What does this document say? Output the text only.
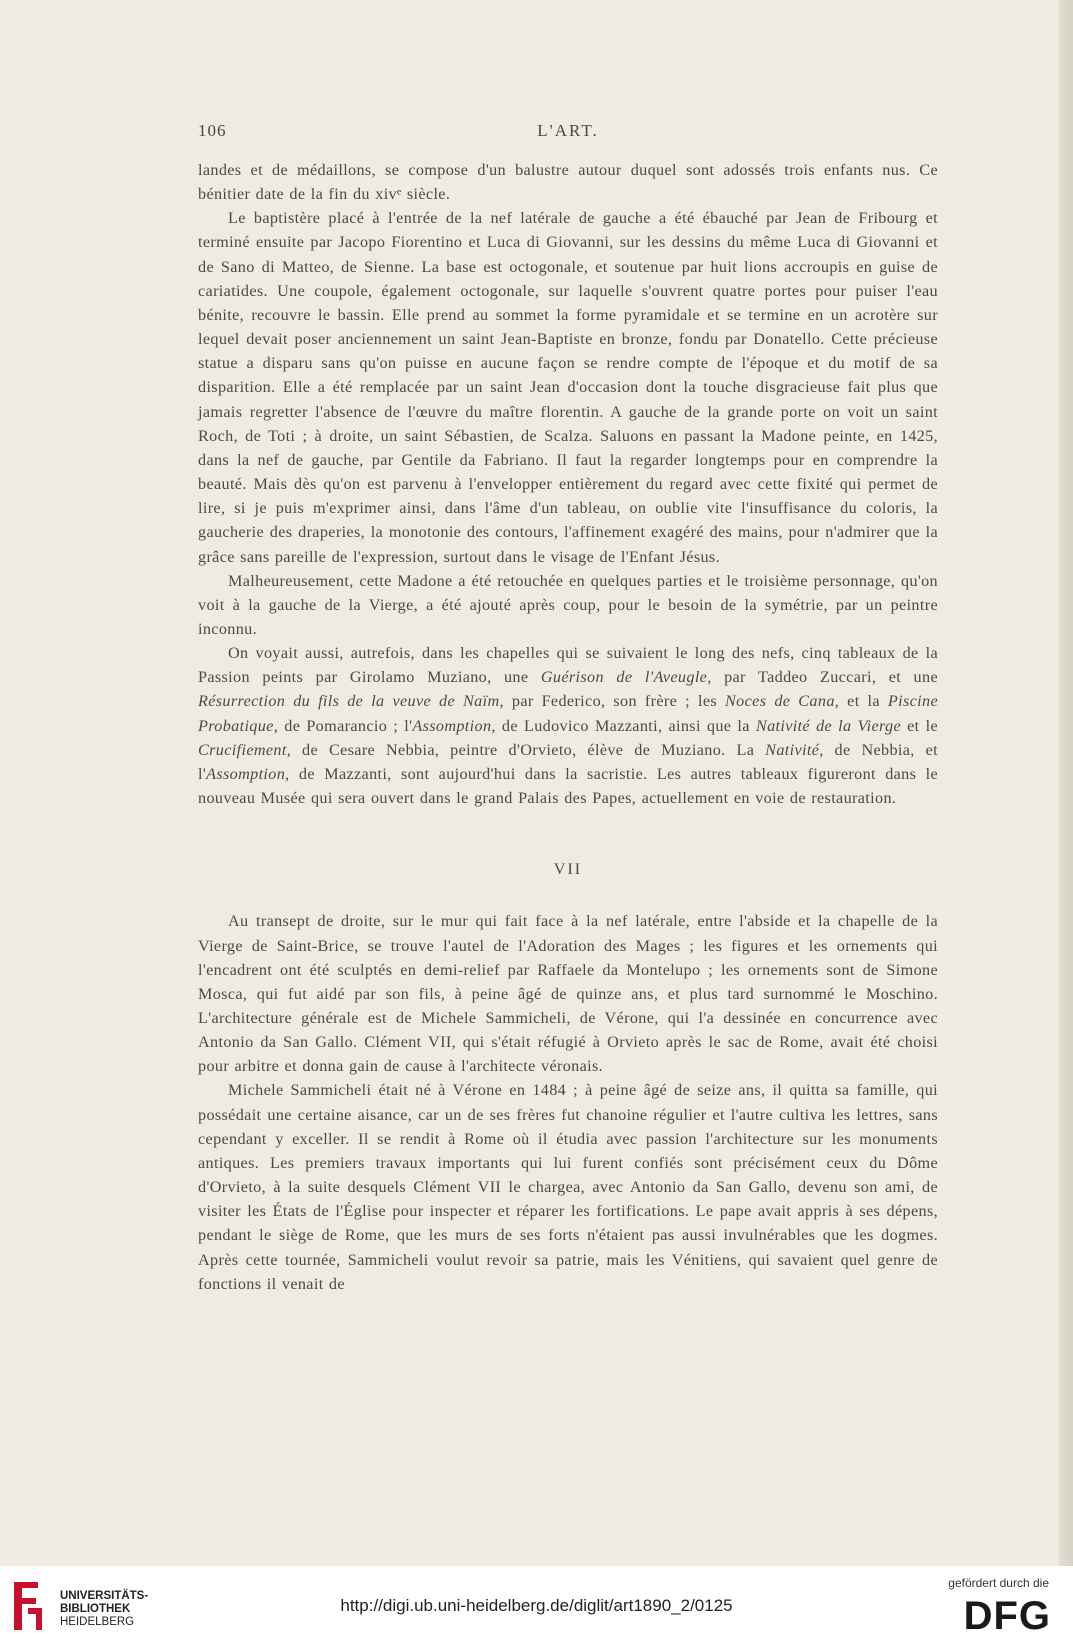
106	L'ART.

landes et de médaillons, se compose d'un balustre autour duquel sont adossés trois enfants nus. Ce bénitier date de la fin du xivᵉ siècle.

Le baptistère placé à l'entrée de la nef latérale de gauche a été ébauché par Jean de Fribourg et terminé ensuite par Jacopo Fiorentino et Luca di Giovanni, sur les dessins du même Luca di Giovanni et de Sano di Matteo, de Sienne. La base est octogonale, et soutenue par huit lions accroupis en guise de cariatides. Une coupole, également octogonale, sur laquelle s'ouvrent quatre portes pour puiser l'eau bénite, recouvre le bassin. Elle prend au sommet la forme pyramidale et se termine en un acrotère sur lequel devait poser anciennement un saint Jean-Baptiste en bronze, fondu par Donatello. Cette précieuse statue a disparu sans qu'on puisse en aucune façon se rendre compte de l'époque et du motif de sa disparition. Elle a été remplacée par un saint Jean d'occasion dont la touche disgracieuse fait plus que jamais regretter l'absence de l'œuvre du maître florentin. A gauche de la grande porte on voit un saint Roch, de Toti ; à droite, un saint Sébastien, de Scalza. Saluons en passant la Madone peinte, en 1425, dans la nef de gauche, par Gentile da Fabriano. Il faut la regarder longtemps pour en comprendre la beauté. Mais dès qu'on est parvenu à l'envelopper entièrement du regard avec cette fixité qui permet de lire, si je puis m'exprimer ainsi, dans l'âme d'un tableau, on oublie vite l'insuffisance du coloris, la gaucherie des draperies, la monotonie des contours, l'affinement exagéré des mains, pour n'admirer que la grâce sans pareille de l'expression, surtout dans le visage de l'Enfant Jésus.

Malheureusement, cette Madone a été retouchée en quelques parties et le troisième personnage, qu'on voit à la gauche de la Vierge, a été ajouté après coup, pour le besoin de la symétrie, par un peintre inconnu.

On voyait aussi, autrefois, dans les chapelles qui se suivaient le long des nefs, cinq tableaux de la Passion peints par Girolamo Muziano, une Guérison de l'Aveugle, par Taddeo Zuccari, et une Résurrection du fils de la veuve de Naïm, par Federico, son frère ; les Noces de Cana, et la Piscine Probatique, de Pomarancio ; l'Assomption, de Ludovico Mazzanti, ainsi que la Nativité de la Vierge et le Crucifiement, de Cesare Nebbia, peintre d'Orvieto, élève de Muziano. La Nativité, de Nebbia, et l'Assomption, de Mazzanti, sont aujourd'hui dans la sacristie. Les autres tableaux figureront dans le nouveau Musée qui sera ouvert dans le grand Palais des Papes, actuellement en voie de restauration.

VII

Au transept de droite, sur le mur qui fait face à la nef latérale, entre l'abside et la chapelle de la Vierge de Saint-Brice, se trouve l'autel de l'Adoration des Mages ; les figures et les ornements qui l'encadrent ont été sculptés en demi-relief par Raffaele da Montelupo ; les ornements sont de Simone Mosca, qui fut aidé par son fils, à peine âgé de quinze ans, et plus tard surnommé le Moschino. L'architecture générale est de Michele Sammicheli, de Vérone, qui l'a dessinée en concurrence avec Antonio da San Gallo. Clément VII, qui s'était réfugié à Orvieto après le sac de Rome, avait été choisi pour arbitre et donna gain de cause à l'architecte véronais.

Michele Sammicheli était né à Vérone en 1484 ; à peine âgé de seize ans, il quitta sa famille, qui possédait une certaine aisance, car un de ses frères fut chanoine régulier et l'autre cultiva les lettres, sans cependant y exceller. Il se rendit à Rome où il étudia avec passion l'architecture sur les monuments antiques. Les premiers travaux importants qui lui furent confiés sont précisément ceux du Dôme d'Orvieto, à la suite desquels Clément VII le chargea, avec Antonio da San Gallo, devenu son ami, de visiter les États de l'Église pour inspecter et réparer les fortifications. Le pape avait appris à ses dépens, pendant le siège de Rome, que les murs de ses forts n'étaient pas aussi invulnérables que les dogmes. Après cette tournée, Sammicheli voulut revoir sa patrie, mais les Vénitiens, qui savaient quel genre de fonctions il venait de

UNIVERSITÄTS-
BIBLIOTHEK
HEIDELBERG
http://digi.ub.uni-heidelberg.de/diglit/art1890_2/0125
gefördert durch die
DFG
